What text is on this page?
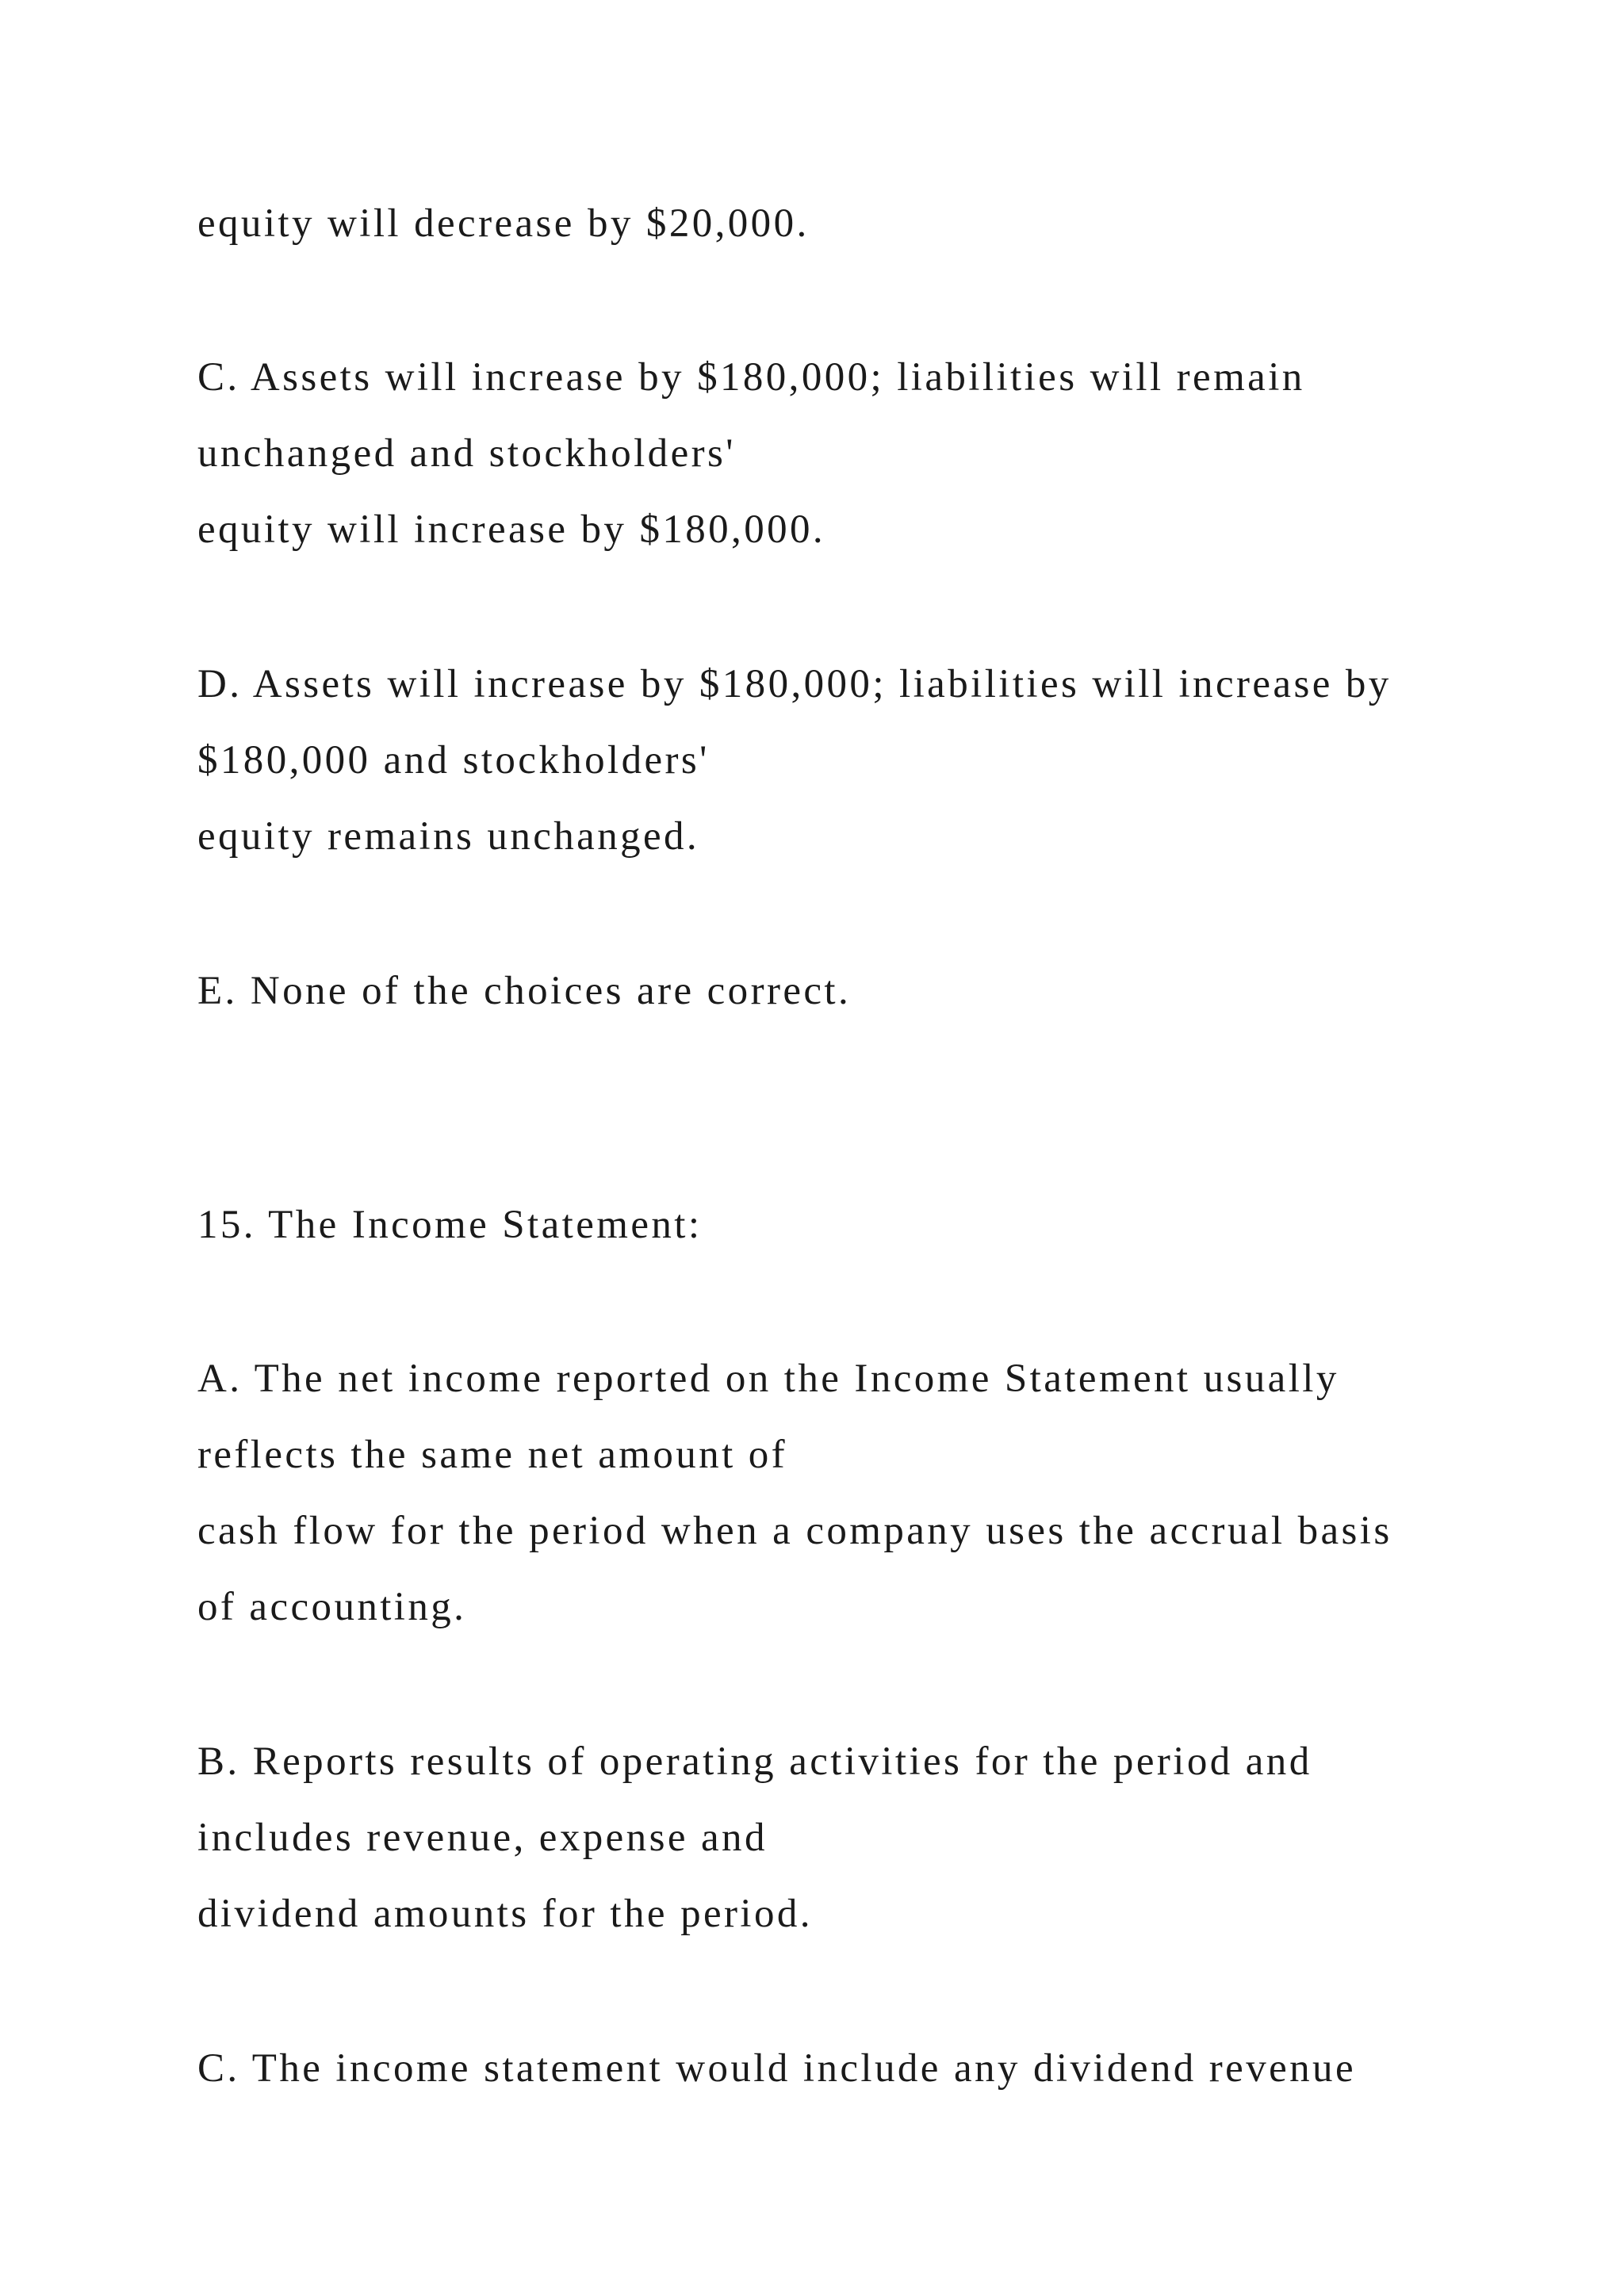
equity will decrease by $20,000.

C. Assets will increase by $180,000; liabilities will remain

unchanged and stockholders'

equity will increase by $180,000.

D. Assets will increase by $180,000; liabilities will increase by

$180,000 and stockholders'

equity remains unchanged.

E. None of the choices are correct.

15. The Income Statement:

A. The net income reported on the Income Statement usually

reflects the same net amount of

cash flow for the period when a company uses the accrual basis

of accounting.

B. Reports results of operating activities for the period and

includes revenue, expense and

dividend amounts for the period.

C. The income statement would include any dividend revenue
